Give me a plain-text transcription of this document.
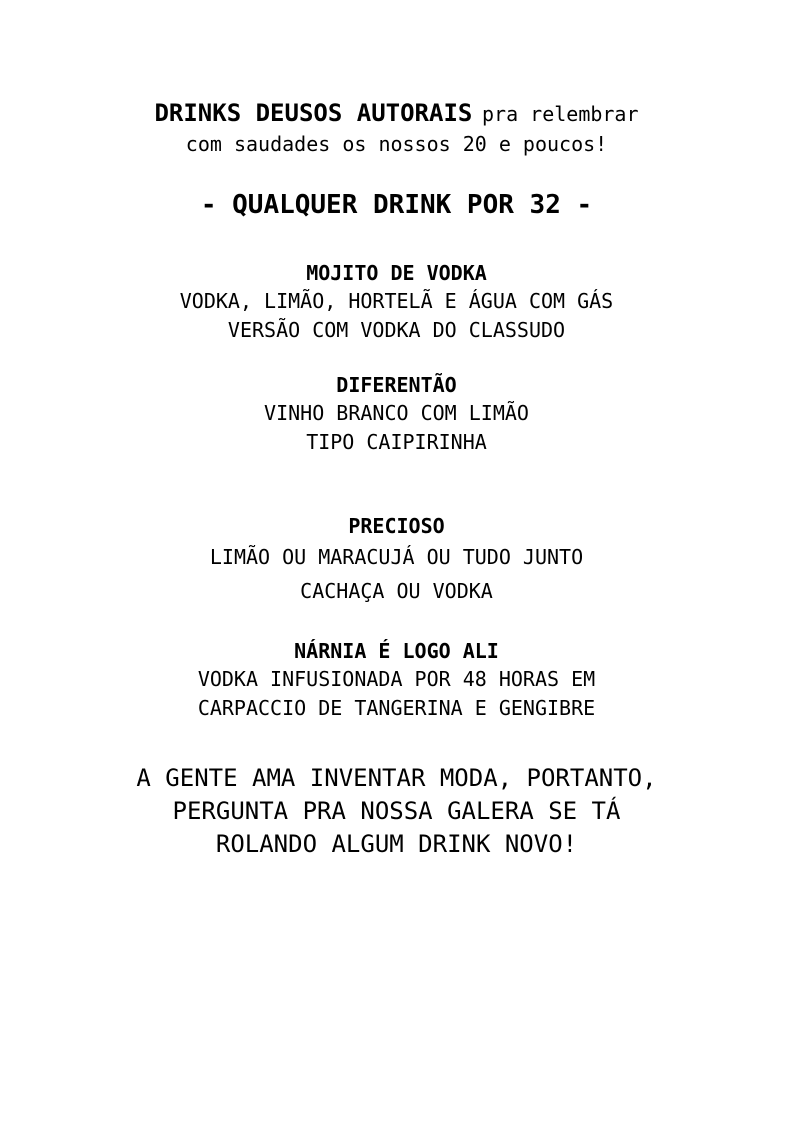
DRINKS DEUSOS AUTORAIS pra relembrar
com saudades os nossos 20 e poucos!
- QUALQUER DRINK POR 32 -
MOJITO DE VODKA
VODKA, LIMÃO, HORTELÃ E ÁGUA COM GÁS
VERSÃO COM VODKA DO CLASSUDO
DIFERENTÃO
VINHO BRANCO COM LIMÃO
TIPO CAIPIRINHA
PRECIOSO
LIMÃO OU MARACUJÁ OU TUDO JUNTO
CACHAÇA OU VODKA
NÁRNIA É LOGO ALI
VODKA INFUSIONADA POR 48 HORAS EM
CARPACCIO DE TANGERINA E GENGIBRE
A GENTE AMA INVENTAR MODA, PORTANTO,
PERGUNTA PRA NOSSA GALERA SE TÁ
ROLANDO ALGUM DRINK NOVO!
